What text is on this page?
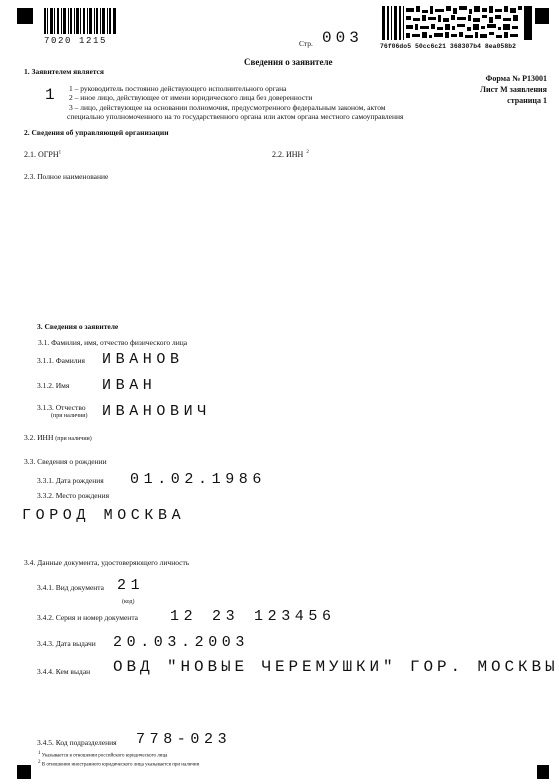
7020 1215	Стр. 003	76f06do5 50cc6c21 368307b4 8ea058b2
Сведения о заявителе
Форма № Р13001
Лист М заявления
страница 1
1. Заявителем является
1 1 – руководитель постоянно действующего исполнительного органа
2 – иное лицо, действующее от имени юридического лица без доверенности
3 – лицо, действующее на основании полномочия, предусмотренного федеральным законом, актом
специально уполномоченного на то государственного органа или актом органа местного самоуправления
2. Сведения об управляющей организации
2.1. ОГРН$^1$	2.2. ИНН $^2$
2.3. Полное наименование
3. Сведения о заявителе
3.1. Фамилия, имя, отчество физического лица
3.1.1. Фамилия ИВАНОВ
3.1.2. Имя ИВАН
3.1.3. Отчество
(при наличии) ИВАНОВИЧ
3.2. ИНН (при наличии)
3.3. Сведения о рождении
3.3.1. Дата рождения 01.02.1986
3.3.2. Место рождения
ГОРОД МОСКВА
3.4. Данные документа, удостоверяющего личность
3.4.1. Вид документа 21
(код)
3.4.2. Серия и номер документа 12 23 123456
3.4.3. Дата выдачи 20.03.2003
3.4.4. Кем выдан ОВД "НОВЫЕ ЧЕРЕМУШКИ" ГОР. МОСКВЫ
3.4.5. Код подразделения 778-023
1 Указывается в отношении российского юридического лица
2 В отношении иностранного юридического лица указывается при наличии
